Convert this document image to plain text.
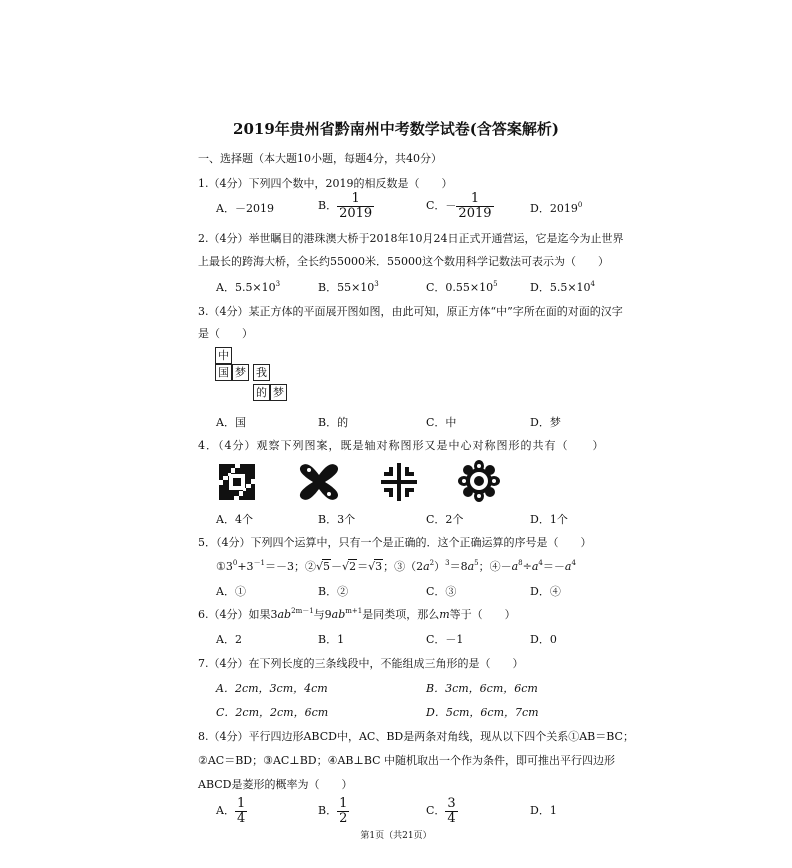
2019年贵州省黔南州中考数学试卷(含答案解析)
一、选择题（本大题10小题，每题4分，共40分）
1.（4分）下列四个数中，2019的相反数是（　　）
A．－2019	B． $\frac{1}{2019}$	C．－ $\frac{1}{2019}$	D．2019$^0$
2.（4分）举世瞩目的港珠澳大桥于2018年10月24日正式开通营运，它是迄今为止世界
上最长的跨海大桥，全长约55000米．55000这个数用科学记数法可表示为（　　）
A．$5.5\times 10^3$	B．$55\times 10^3$	C．$0.55\times 10^5$	D．$5.5\times 10^4$
3.（4分）某正方体的平面展开图如图，由此可知，原正方体“中”字所在面的对面的汉字
是（　　）
中
国 梦 我
的 梦
A．国	B．的	C．中	D．梦
4．（4分）观察下列图案，既是轴对称图形又是中心对称图形的共有（　　）
A．4个	B．3个	C．2个	D．1个
5．（4分）下列四个运算中，只有一个是正确的．这个正确运算的序号是（　　）
$①3^0+3^{-1}=-3$；②√5－√2＝√3；$③(2a^2)^3=8a^5$；$④-a^8\div a^4=-a^4$
A．①	B．②	C．③	D．④
6.（4分）如果$3ab^{2m-1}$与$9ab^{m+1}$是同类项，那么m等于（　　）
A．2	B．1	C．－1	D．0
7.（4分）在下列长度的三条线段中，不能组成三角形的是（　　）
A．2cm，3cm，4cm	B．3cm，6cm，6cm
C．2cm，2cm，6cm	D．5cm，6cm，7cm
8.（4分）平行四边形ABCD中，AC、BD是两条对角线，现从以下四个关系①AB＝BC；
②AC＝BD；③AC⊥BD；④AB⊥BC 中随机取出一个作为条件，即可推出平行四边形
ABCD是菱形的概率为（　　）
A． $\frac{1}{4}$	B． $\frac{1}{2}$	C． $\frac{3}{4}$	D．1
第1页（共21页）
